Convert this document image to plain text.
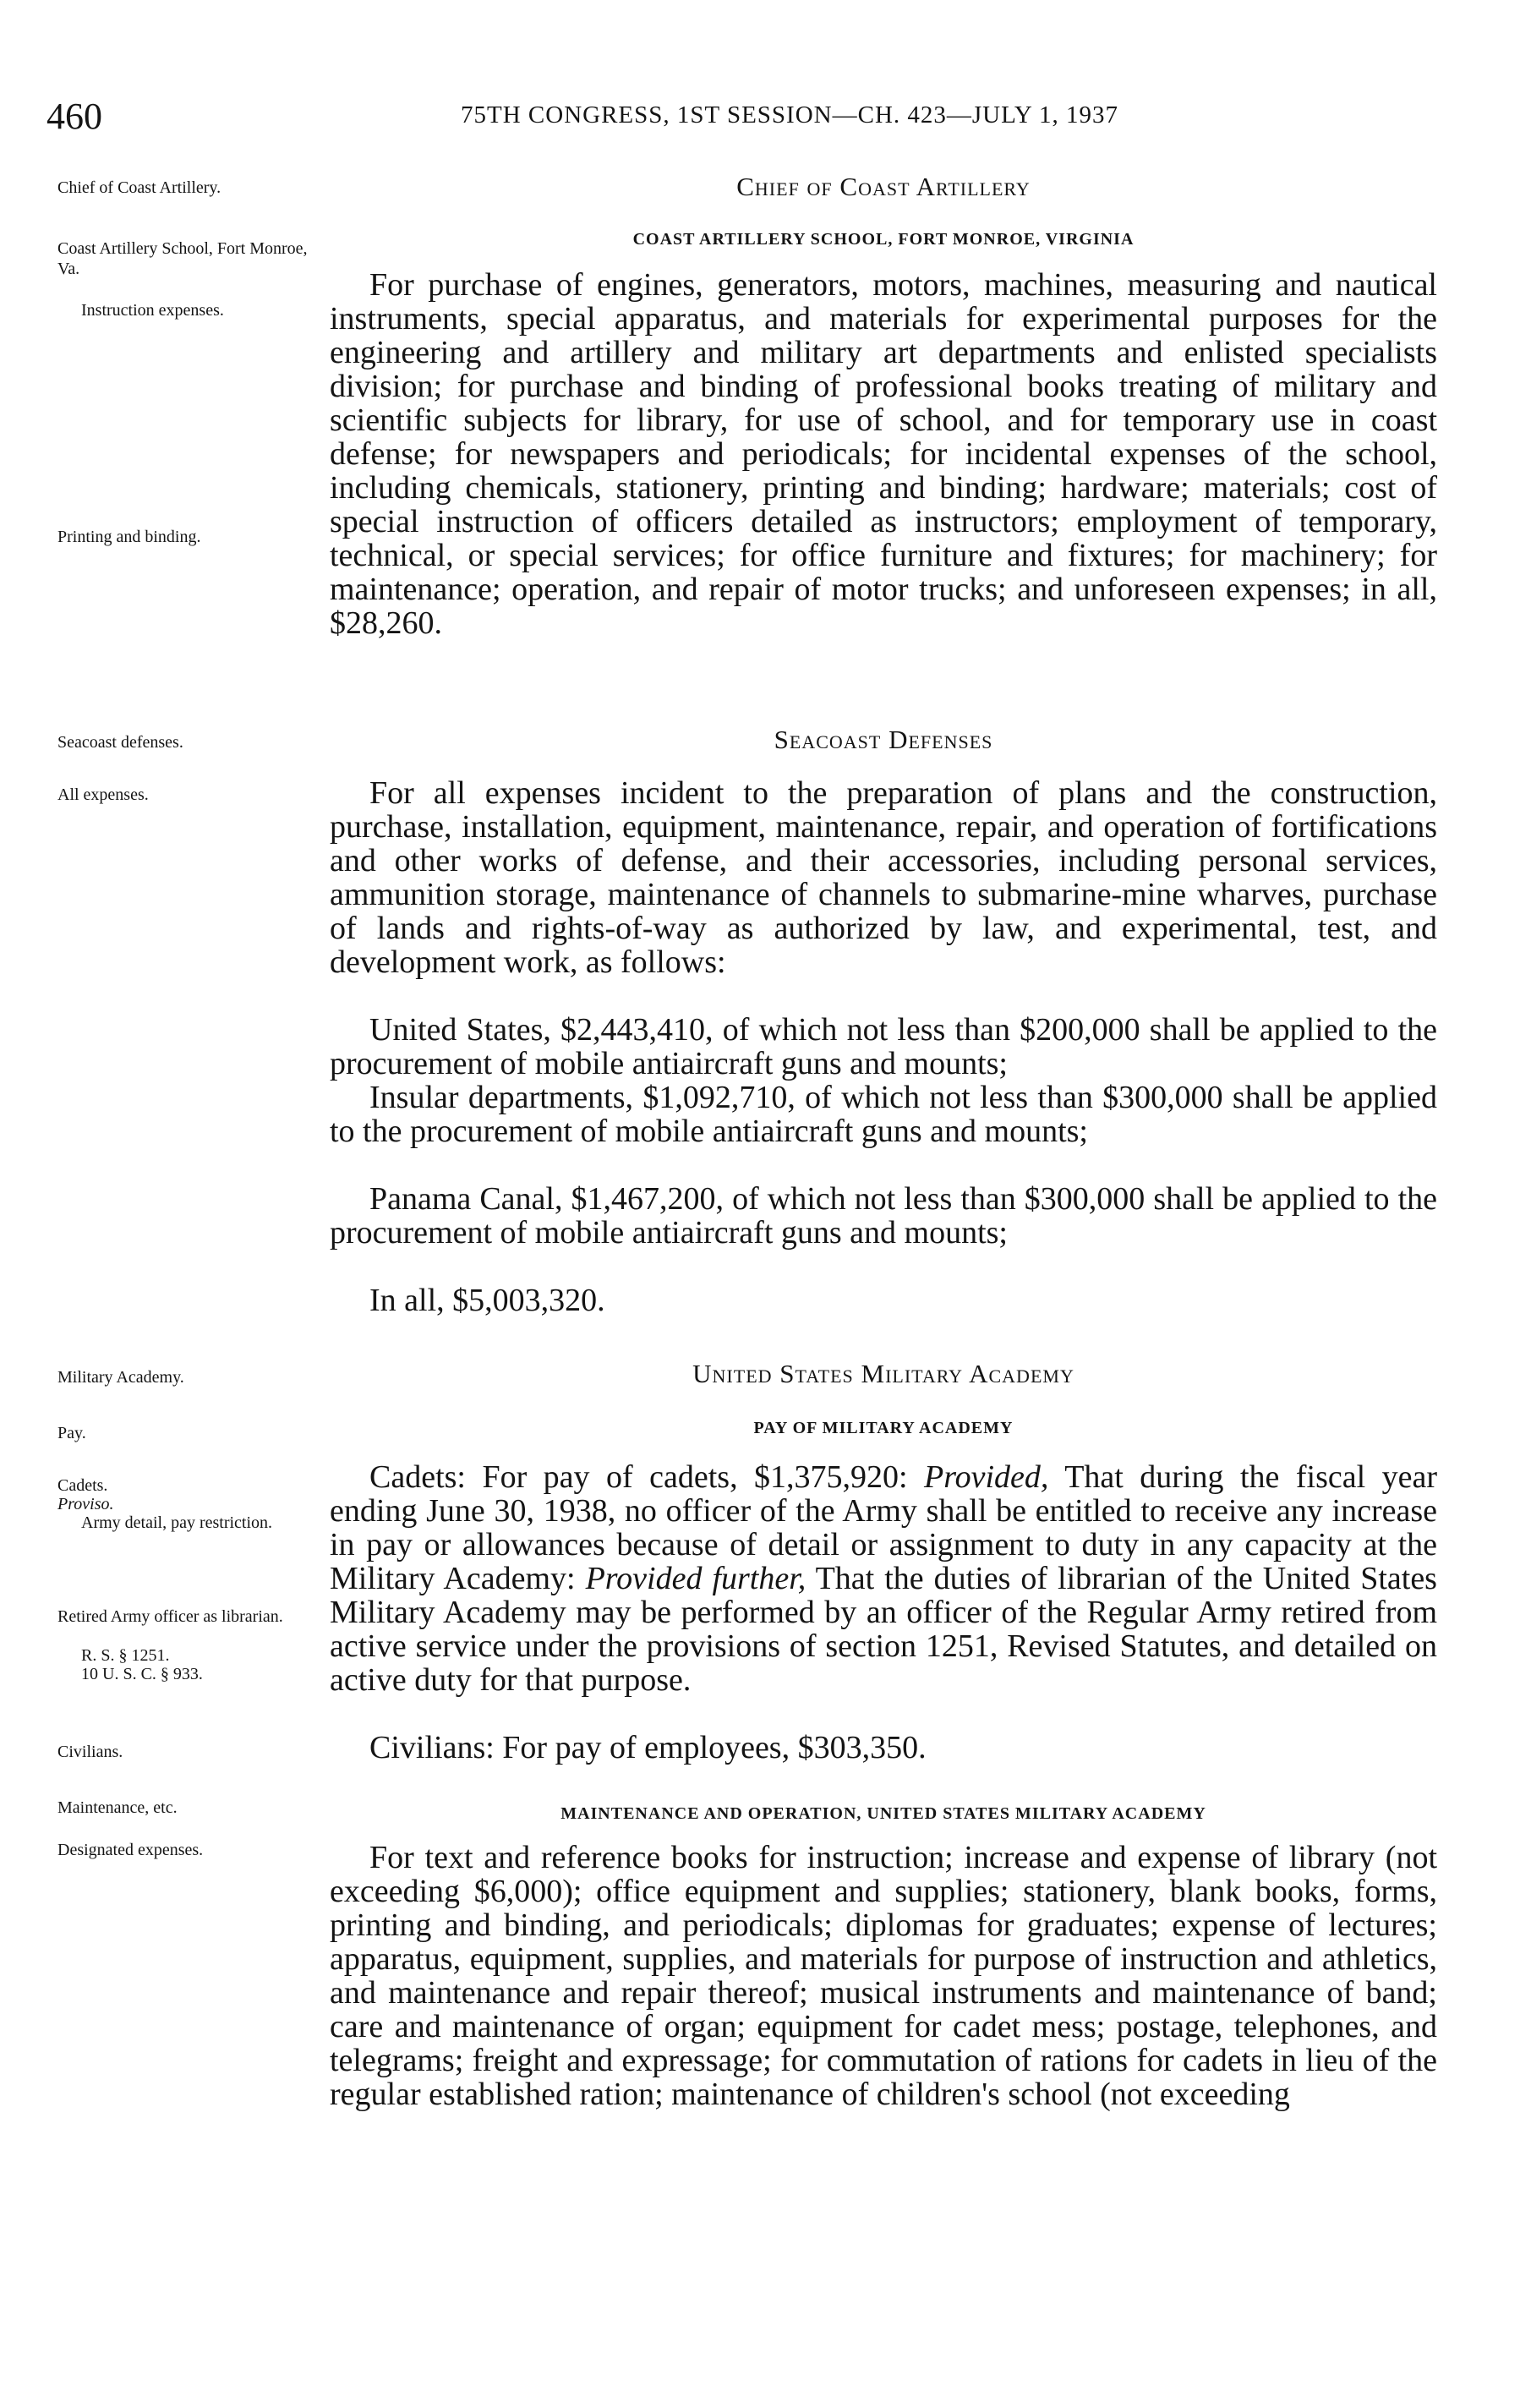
460	75TH CONGRESS, 1ST SESSION—CH. 423—JULY 1, 1937
Chief of Coast Artillery.
Coast Artillery School, Fort Monroe, Va.
Instruction expenses.
Printing and binding.
Seacoast defenses.
All expenses.
Military Academy.
Pay.
Cadets.
Proviso.
Army detail, pay restriction.
Retired Army officer as librarian.
R. S. § 1251.
10 U. S. C. § 933.
Civilians.
Maintenance, etc.
Designated expenses.
Chief of Coast Artillery
COAST ARTILLERY SCHOOL, FORT MONROE, VIRGINIA
For purchase of engines, generators, motors, machines, measuring and nautical instruments, special apparatus, and materials for experimental purposes for the engineering and artillery and military art departments and enlisted specialists division; for purchase and binding of professional books treating of military and scientific subjects for library, for use of school, and for temporary use in coast defense; for newspapers and periodicals; for incidental expenses of the school, including chemicals, stationery, printing and binding; hardware; materials; cost of special instruction of officers detailed as instructors; employment of temporary, technical, or special services; for office furniture and fixtures; for machinery; for maintenance; operation, and repair of motor trucks; and unforeseen expenses; in all, $28,260.
Seacoast Defenses
For all expenses incident to the preparation of plans and the construction, purchase, installation, equipment, maintenance, repair, and operation of fortifications and other works of defense, and their accessories, including personal services, ammunition storage, maintenance of channels to submarine-mine wharves, purchase of lands and rights-of-way as authorized by law, and experimental, test, and development work, as follows:
United States, $2,443,410, of which not less than $200,000 shall be applied to the procurement of mobile antiaircraft guns and mounts;
Insular departments, $1,092,710, of which not less than $300,000 shall be applied to the procurement of mobile antiaircraft guns and mounts;
Panama Canal, $1,467,200, of which not less than $300,000 shall be applied to the procurement of mobile antiaircraft guns and mounts;
In all, $5,003,320.
United States Military Academy
PAY OF MILITARY ACADEMY
Cadets: For pay of cadets, $1,375,920: Provided, That during the fiscal year ending June 30, 1938, no officer of the Army shall be entitled to receive any increase in pay or allowances because of detail or assignment to duty in any capacity at the Military Academy: Provided further, That the duties of librarian of the United States Military Academy may be performed by an officer of the Regular Army retired from active service under the provisions of section 1251, Revised Statutes, and detailed on active duty for that purpose.
Civilians: For pay of employees, $303,350.
MAINTENANCE AND OPERATION, UNITED STATES MILITARY ACADEMY
For text and reference books for instruction; increase and expense of library (not exceeding $6,000); office equipment and supplies; stationery, blank books, forms, printing and binding, and periodicals; diplomas for graduates; expense of lectures; apparatus, equipment, supplies, and materials for purpose of instruction and athletics, and maintenance and repair thereof; musical instruments and maintenance of band; care and maintenance of organ; equipment for cadet mess; postage, telephones, and telegrams; freight and expressage; for commutation of rations for cadets in lieu of the regular established ration; maintenance of children's school (not exceeding
